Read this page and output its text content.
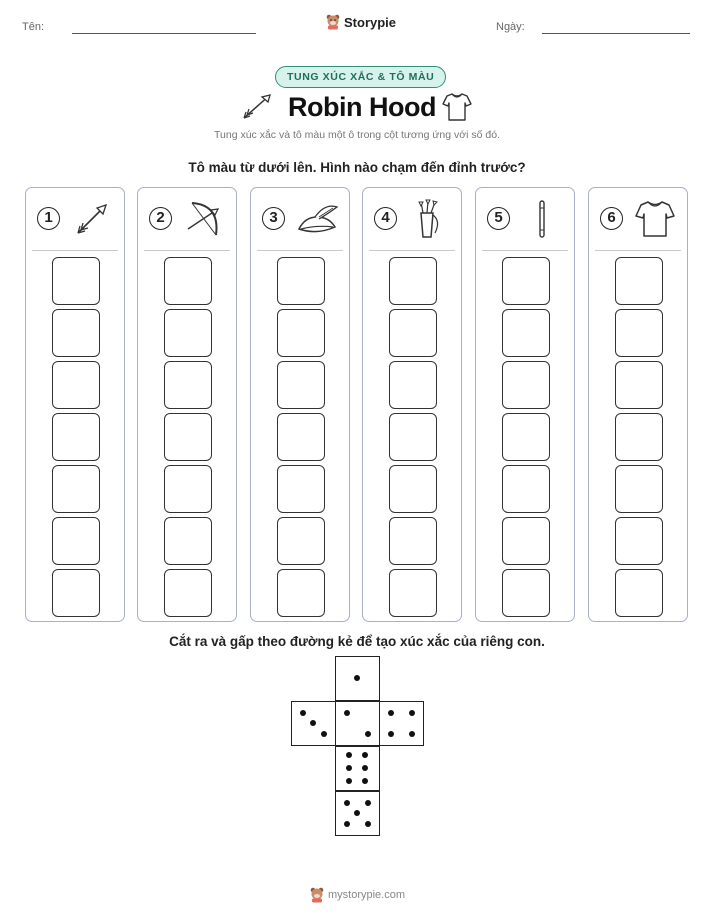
Tên:	Storypie	Ngày:
TUNG XÚC XẮC & TÔ MÀU
Robin Hood
Tung xúc xắc và tô màu một ô trong cột tương ứng với số đó.
Tô màu từ dưới lên. Hình nào chạm đến đỉnh trước?
1	2	3	4	5	6
Cắt ra và gấp theo đường kẻ để tạo xúc xắc của riêng con.
mystorypie.com
